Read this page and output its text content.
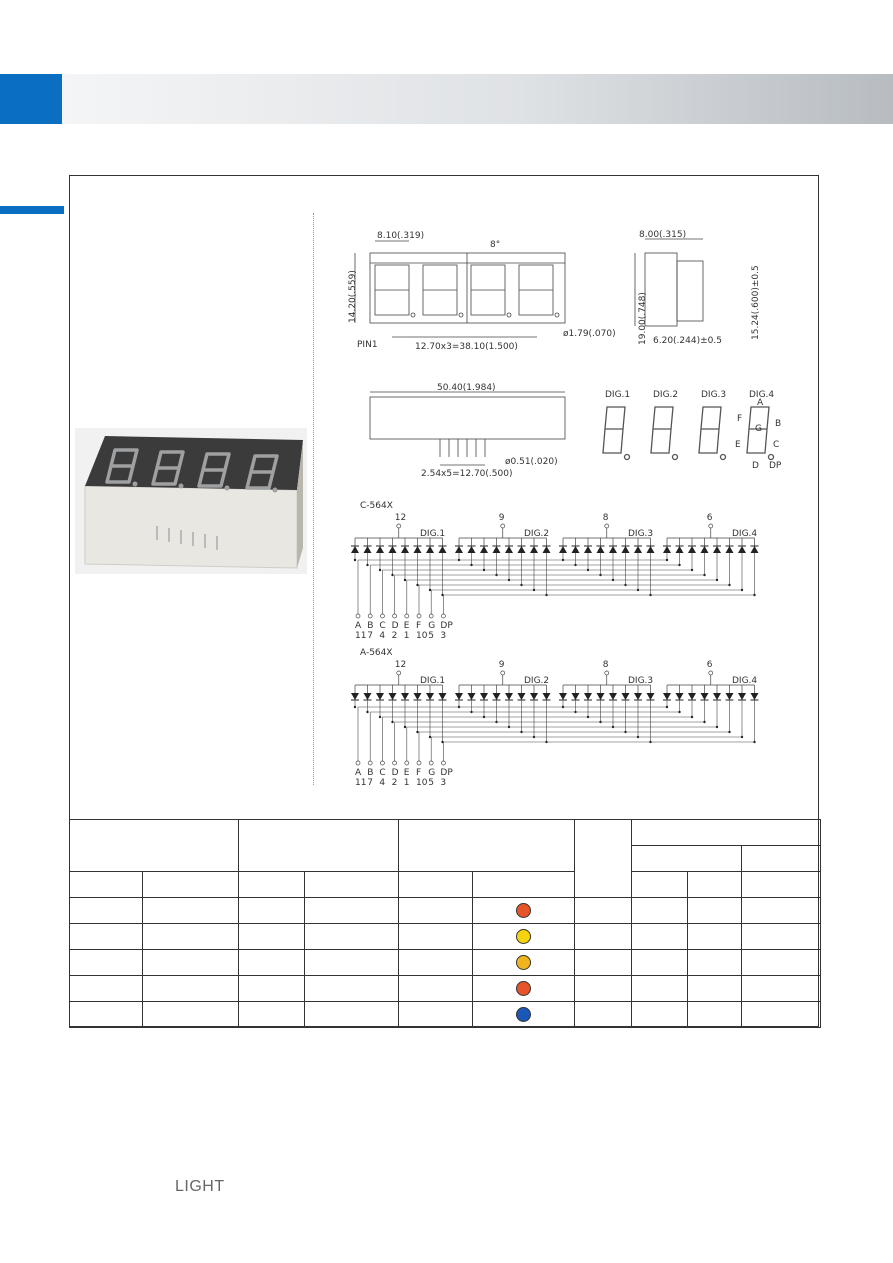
8.10(.319)
8°
14.20(.559)
PIN1	12.70x3=38.10(1.500)
ø1.79(.070)
8.00(.315)
19.00(.748)	15.24(.600)±0.5
6.20(.244)±0.5
50.40(1.984)
ø0.51(.020)
2.54x5=12.70(.500)
DIG.1	DIG.2	DIG.3	DIG.4
A
B
C
D
E
F
G
DP
C-564X
12
DIG.1
9
DIG.2
8
DIG.3
6
DIG.4
A
11
B
7
C
4
D
2
E
1
F
10
G
5
DP
3
A-564X
12
DIG.1
9
DIG.2
8
DIG.3
6
DIG.4
A
11
B
7
C
4
D
2
E
1
F
10
G
5
DP
3

LIGHT
